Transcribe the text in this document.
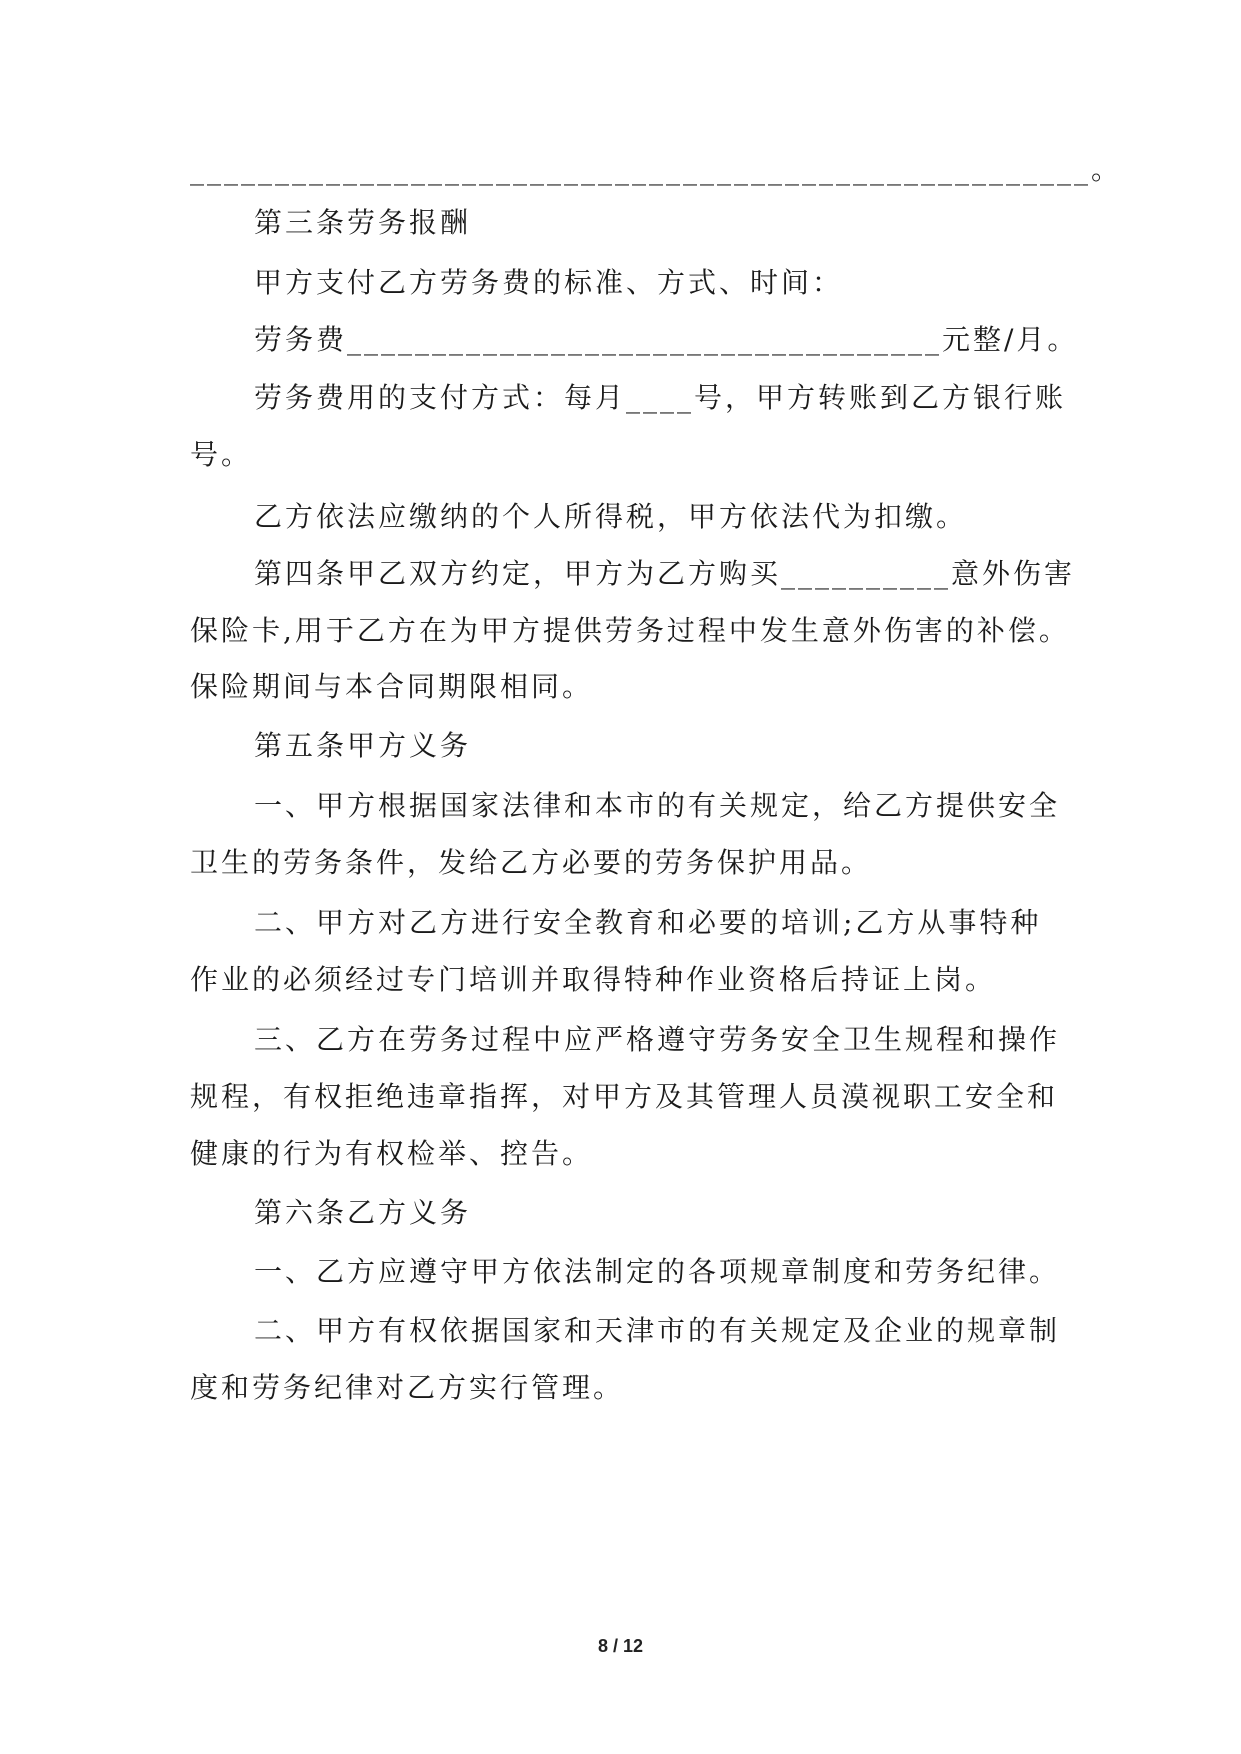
_____________________________________________________。
第三条劳务报酬
甲方支付乙方劳务费的标准、方式、时间：
劳务费___________________________________元整/月。
劳务费用的支付方式：每月____号，甲方转账到乙方银行账
号。
乙方依法应缴纳的个人所得税，甲方依法代为扣缴。
第四条甲乙双方约定，甲方为乙方购买__________意外伤害
保险卡,用于乙方在为甲方提供劳务过程中发生意外伤害的补偿。
保险期间与本合同期限相同。
第五条甲方义务
一、甲方根据国家法律和本市的有关规定，给乙方提供安全
卫生的劳务条件，发给乙方必要的劳务保护用品。
二、甲方对乙方进行安全教育和必要的培训;乙方从事特种
作业的必须经过专门培训并取得特种作业资格后持证上岗。
三、乙方在劳务过程中应严格遵守劳务安全卫生规程和操作
规程，有权拒绝违章指挥，对甲方及其管理人员漠视职工安全和
健康的行为有权检举、控告。
第六条乙方义务
一、乙方应遵守甲方依法制定的各项规章制度和劳务纪律。
二、甲方有权依据国家和天津市的有关规定及企业的规章制
度和劳务纪律对乙方实行管理。
8 / 12
